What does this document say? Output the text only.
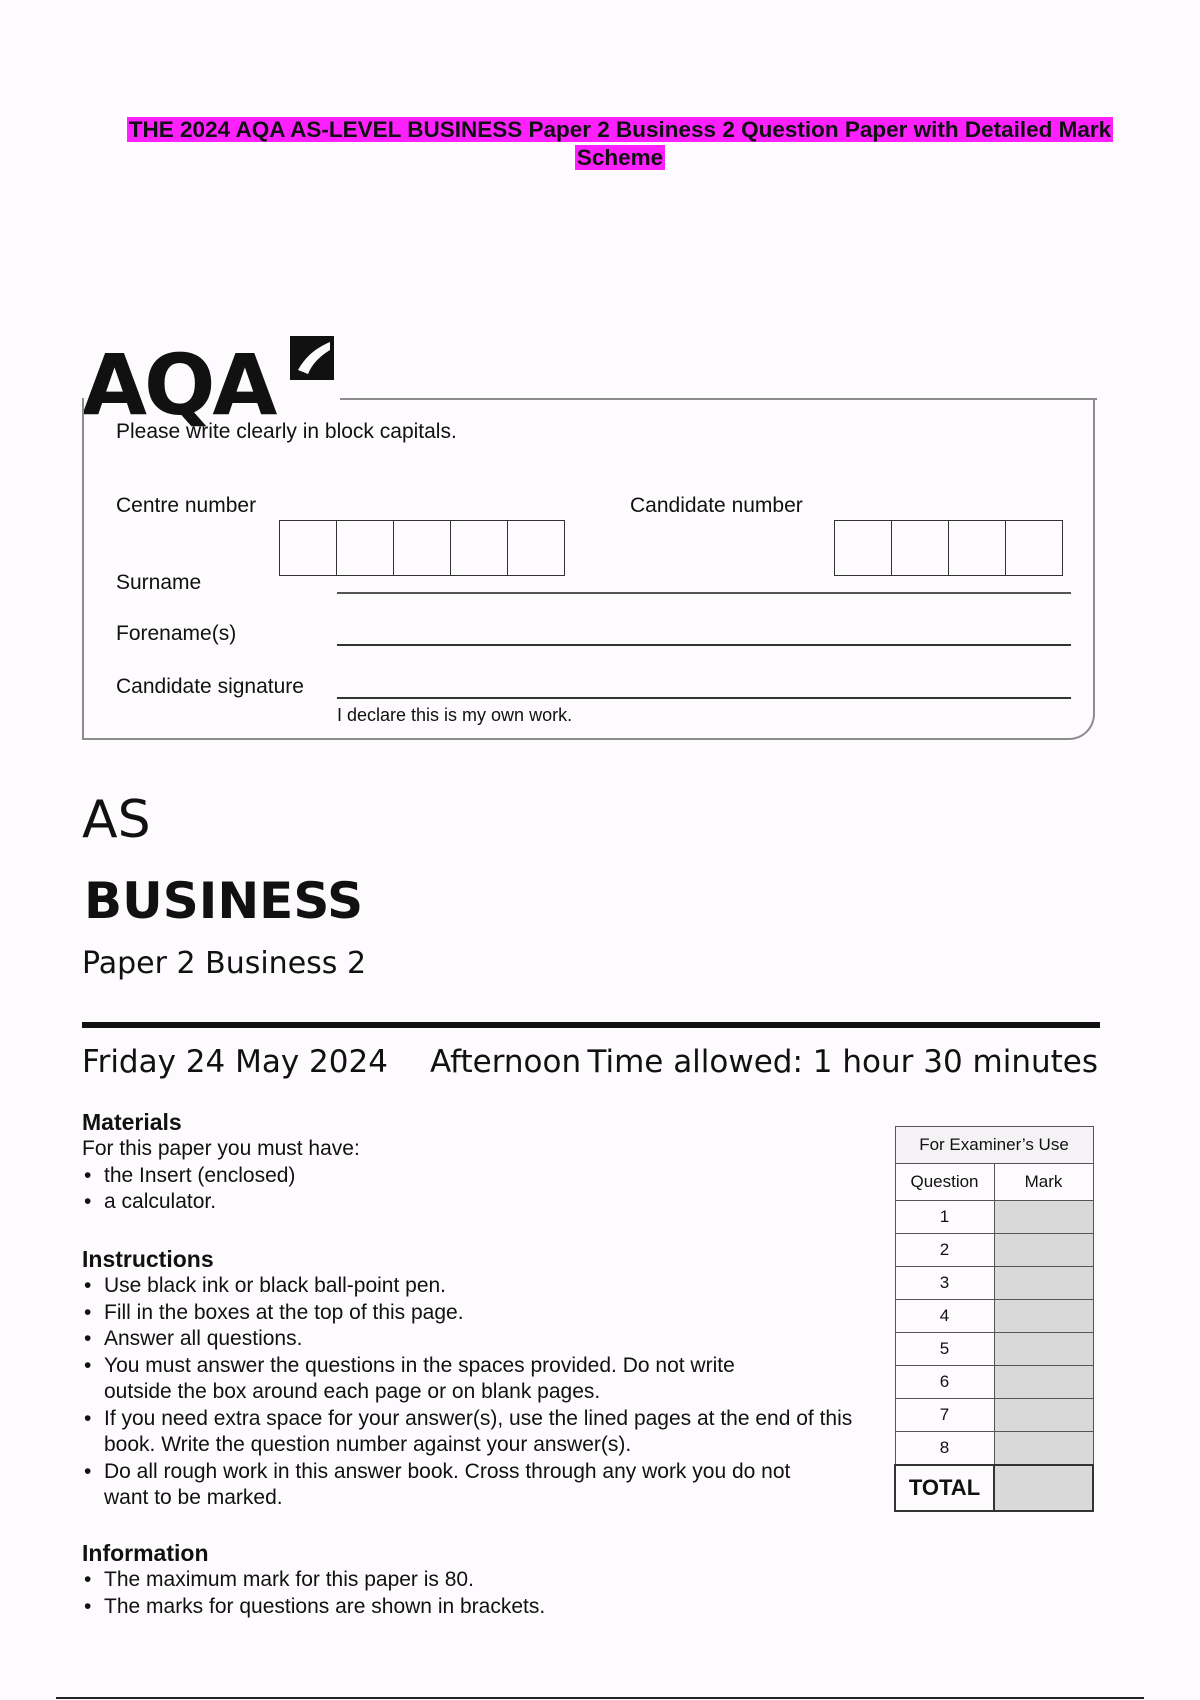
THE 2024 AQA AS-LEVEL BUSINESS Paper 2 Business 2 Question Paper with Detailed Mark
Scheme
AQA
Please write clearly in block capitals.
Centre number	Candidate number
Surname
Forename(s)
Candidate signature
I declare this is my own work.
AS
BUSINESS
Paper 2 Business 2
Friday 24 May 2024 Afternoon Time allowed: 1 hour 30 minutes
Materials
For this paper you must have:
• the Insert (enclosed)
• a calculator.
Instructions
• Use black ink or black ball-point pen.
• Fill in the boxes at the top of this page.
• Answer all questions.
• You must answer the questions in the spaces provided. Do not write outside the box around each page or on blank pages.
• If you need extra space for your answer(s), use the lined pages at the end of this book. Write the question number against your answer(s).
• Do all rough work in this answer book. Cross through any work you do not want to be marked.
Information
• The maximum mark for this paper is 80.
• The marks for questions are shown in brackets.
For Examiner’s Use	
Question	Mark
1	
2	
3	
4	
5	
6	
7	
8	
TOTAL	
